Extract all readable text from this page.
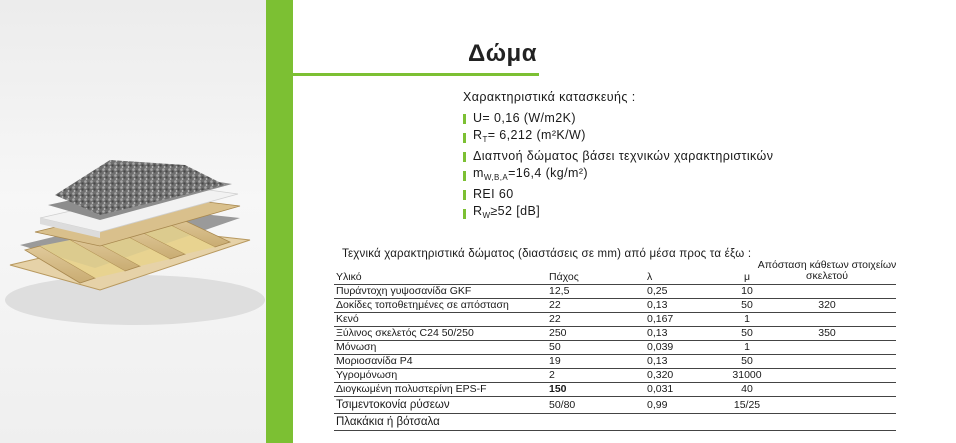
Δώμα

Χαρακτηριστικά κατασκευής :

U= 0,16 (W/m2K)
$R_T= 6,212$ (m²K/W)
Διαπνοή δώματος βάσει τεχνικών χαρακτηριστικών
$m_{W,B,A}=16,4$ (kg/m²)
REI 60
$R_W\ge 52$ [dB]

Τεχνικά χαρακτηριστικά δώματος (διαστάσεις σε mm) από μέσα προς τα έξω :

Απόσταση κάθετων στοιχείων σκελετού

Υλικό	Πάχος	λ	μ	
Πυράντοχη γυψοσανίδα GKF	12,5	0,25	10	
Δοκίδες τοποθετημένες σε απόσταση	22	0,13	50	320
Κενό	22	0,167	1	
Ξύλινος σκελετός C24 50/250	250	0,13	50	350
Μόνωση	50	0,039	1	
Μοριοσανίδα P4	19	0,13	50	
Υγρομόνωση	2	0,320	31000	
Διογκωμένη πολυστερίνη EPS-F	150	0,031	40	
Τσιμεντοκονία ρύσεων	50/80	0,99	15/25	
Πλακάκια ή βότσαλα				
